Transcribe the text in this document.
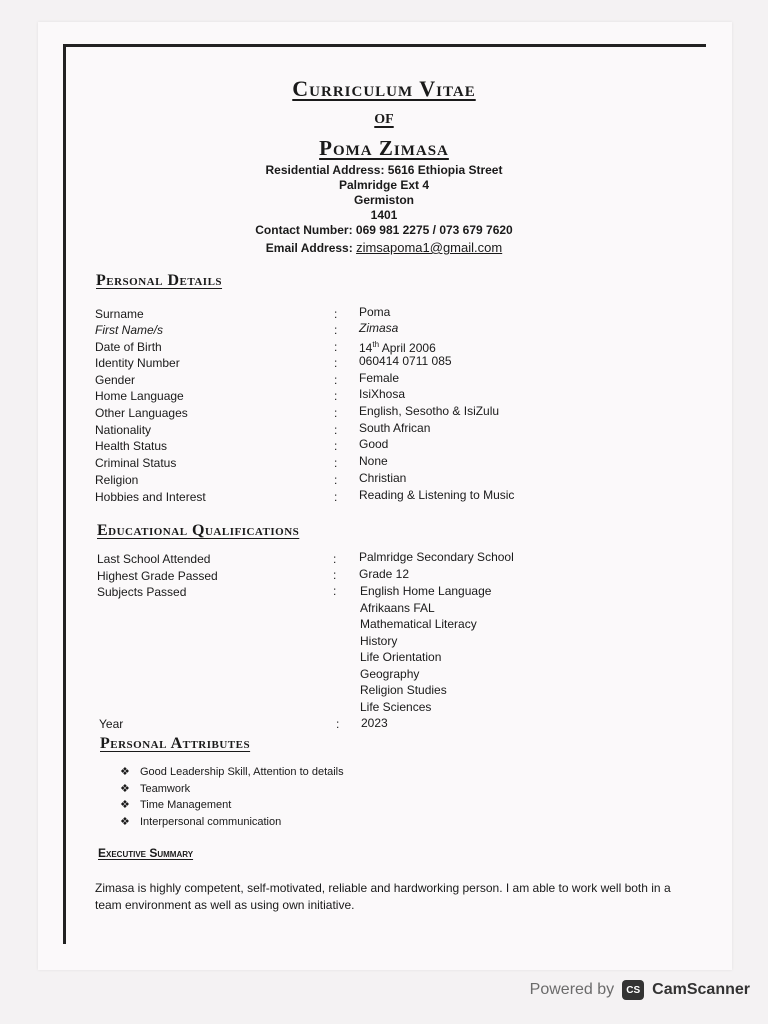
Curriculum Vitae
of
Poma Zimasa
Residential Address: 5616 Ethiopia Street
Palmridge Ext 4
Germiston
1401
Contact Number: 069 981 2275 / 073 679 7620
Email Address: zimsapoma1@gmail.com
Personal Details
Surname	: Poma
First Name/s	: Zimasa
Date of Birth	: 14th April 2006
Identity Number	: 060414 0711 085
Gender	: Female
Home Language	: IsiXhosa
Other Languages	: English, Sesotho & IsiZulu
Nationality	: South African
Health Status	: Good
Criminal Status	: None
Religion	: Christian
Hobbies and Interest	: Reading & Listening to Music
Educational Qualifications
Last School Attended	: Palmridge Secondary School
Highest Grade Passed	: Grade 12
Subjects Passed	: English Home Language
Afrikaans FAL
Mathematical Literacy
History
Life Orientation
Geography
Religion Studies
Life Sciences
Year	: 2023
Personal Attributes
❖ Good Leadership Skill, Attention to details
❖ Teamwork
❖ Time Management
❖ Interpersonal communication
Executive Summary
Zimasa is highly competent, self-motivated, reliable and hardworking person. I am able to work well both in a team environment as well as using own initiative.
Powered by	CS CamScanner
